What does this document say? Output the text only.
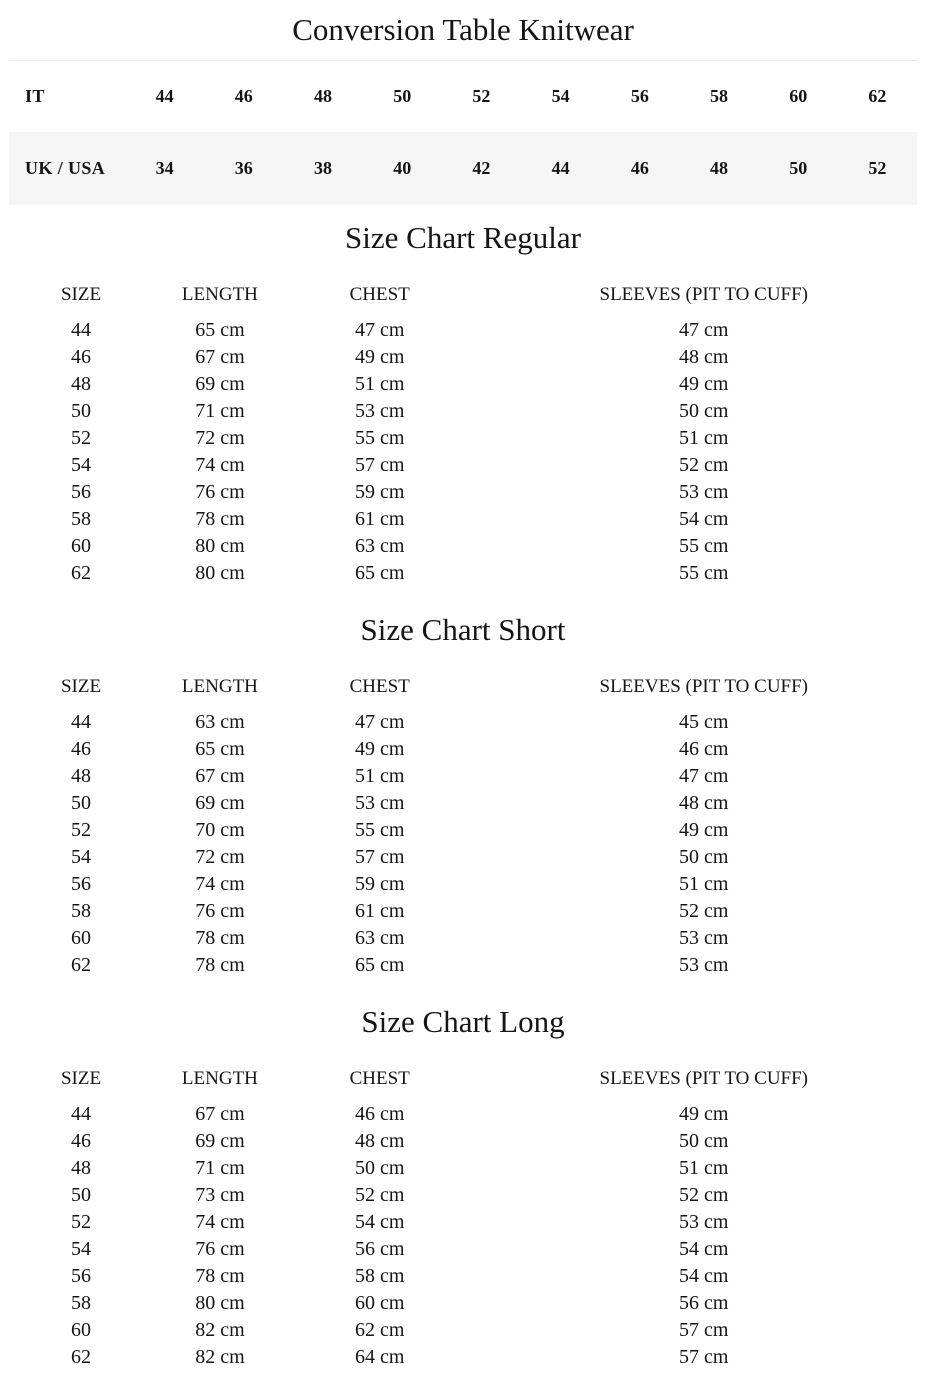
Conversion Table Knitwear
IT	44	46	48	50	52	54	56	58	60	62
UK / USA	34	36	38	40	42	44	46	48	50	52
Size Chart Regular
SIZE	LENGTH	CHEST	SLEEVES (PIT TO CUFF)
44	65 cm	47 cm	47 cm
46	67 cm	49 cm	48 cm
48	69 cm	51 cm	49 cm
50	71 cm	53 cm	50 cm
52	72 cm	55 cm	51 cm
54	74 cm	57 cm	52 cm
56	76 cm	59 cm	53 cm
58	78 cm	61 cm	54 cm
60	80 cm	63 cm	55 cm
62	80 cm	65 cm	55 cm
Size Chart Short
SIZE	LENGTH	CHEST	SLEEVES (PIT TO CUFF)
44	63 cm	47 cm	45 cm
46	65 cm	49 cm	46 cm
48	67 cm	51 cm	47 cm
50	69 cm	53 cm	48 cm
52	70 cm	55 cm	49 cm
54	72 cm	57 cm	50 cm
56	74 cm	59 cm	51 cm
58	76 cm	61 cm	52 cm
60	78 cm	63 cm	53 cm
62	78 cm	65 cm	53 cm
Size Chart Long
SIZE	LENGTH	CHEST	SLEEVES (PIT TO CUFF)
44	67 cm	46 cm	49 cm
46	69 cm	48 cm	50 cm
48	71 cm	50 cm	51 cm
50	73 cm	52 cm	52 cm
52	74 cm	54 cm	53 cm
54	76 cm	56 cm	54 cm
56	78 cm	58 cm	54 cm
58	80 cm	60 cm	56 cm
60	82 cm	62 cm	57 cm
62	82 cm	64 cm	57 cm
